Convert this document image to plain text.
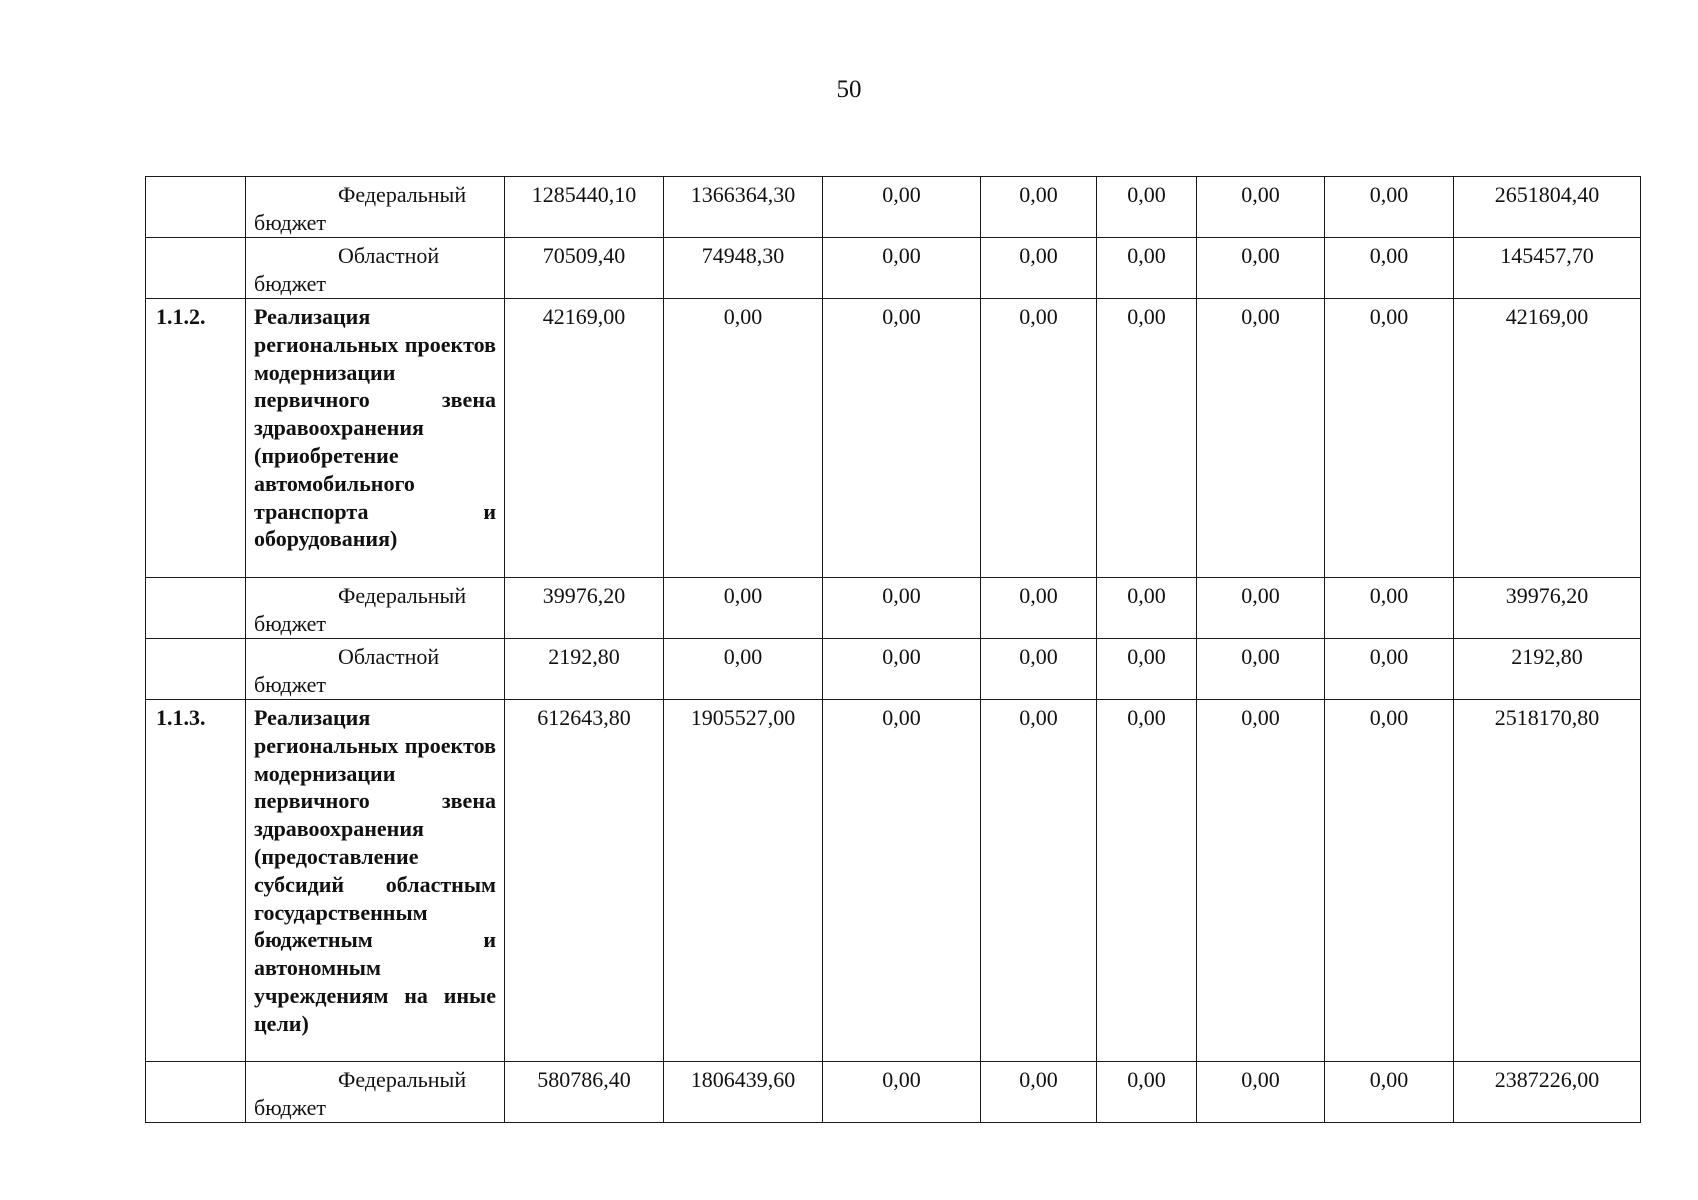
50
	Федеральный бюджет	1285440,10	1366364,30	0,00	0,00	0,00	0,00	0,00	2651804,40
	Областной бюджет	70509,40	74948,30	0,00	0,00	0,00	0,00	0,00	145457,70
1.1.2.	Реализация региональных проектов модернизации первичного звена здравоохранения (приобретение автомобильного транспорта и оборудования)	42169,00	0,00	0,00	0,00	0,00	0,00	0,00	42169,00
	Федеральный бюджет	39976,20	0,00	0,00	0,00	0,00	0,00	0,00	39976,20
	Областной бюджет	2192,80	0,00	0,00	0,00	0,00	0,00	0,00	2192,80
1.1.3.	Реализация региональных проектов модернизации первичного звена здравоохранения (предоставление субсидий областным государственным бюджетным и автономным учреждениям на иные цели)	612643,80	1905527,00	0,00	0,00	0,00	0,00	0,00	2518170,80
	Федеральный бюджет	580786,40	1806439,60	0,00	0,00	0,00	0,00	0,00	2387226,00
